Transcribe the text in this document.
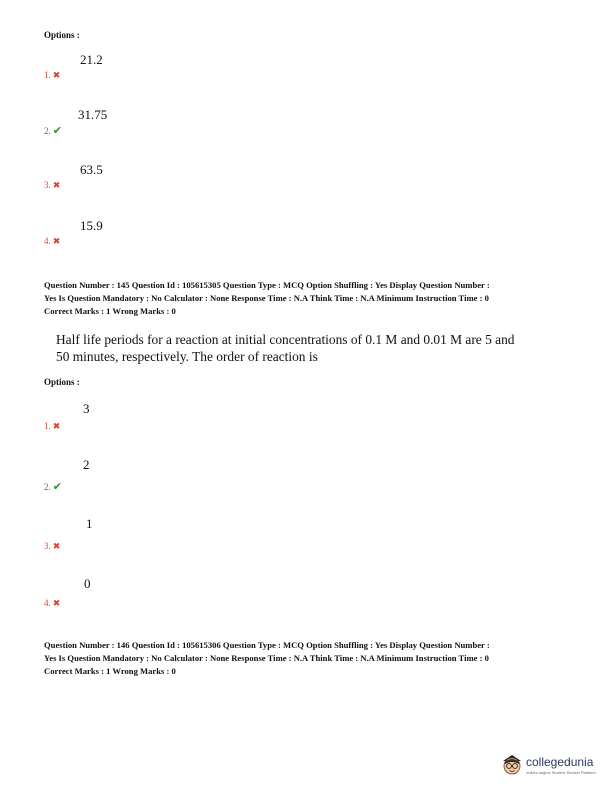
Options :
21.2
1. ✖
31.75
2. ✔
63.5
3. ✖
15.9
4. ✖
Question Number : 145 Question Id : 105615305 Question Type : MCQ Option Shuffling : Yes Display Question Number :
Yes Is Question Mandatory : No Calculator : None Response Time : N.A Think Time : N.A Minimum Instruction Time : 0
Correct Marks : 1 Wrong Marks : 0
Half life periods for a reaction at initial concentrations of 0.1 M and 0.01 M are 5 and
50 minutes, respectively. The order of reaction is
Options :
3
1. ✖
2
2. ✔
1
3. ✖
0
4. ✖
Question Number : 146 Question Id : 105615306 Question Type : MCQ Option Shuffling : Yes Display Question Number :
Yes Is Question Mandatory : No Calculator : None Response Time : N.A Think Time : N.A Minimum Instruction Time : 0
Correct Marks : 1 Wrong Marks : 0
collegedunia
India's largest Student Review Platform
